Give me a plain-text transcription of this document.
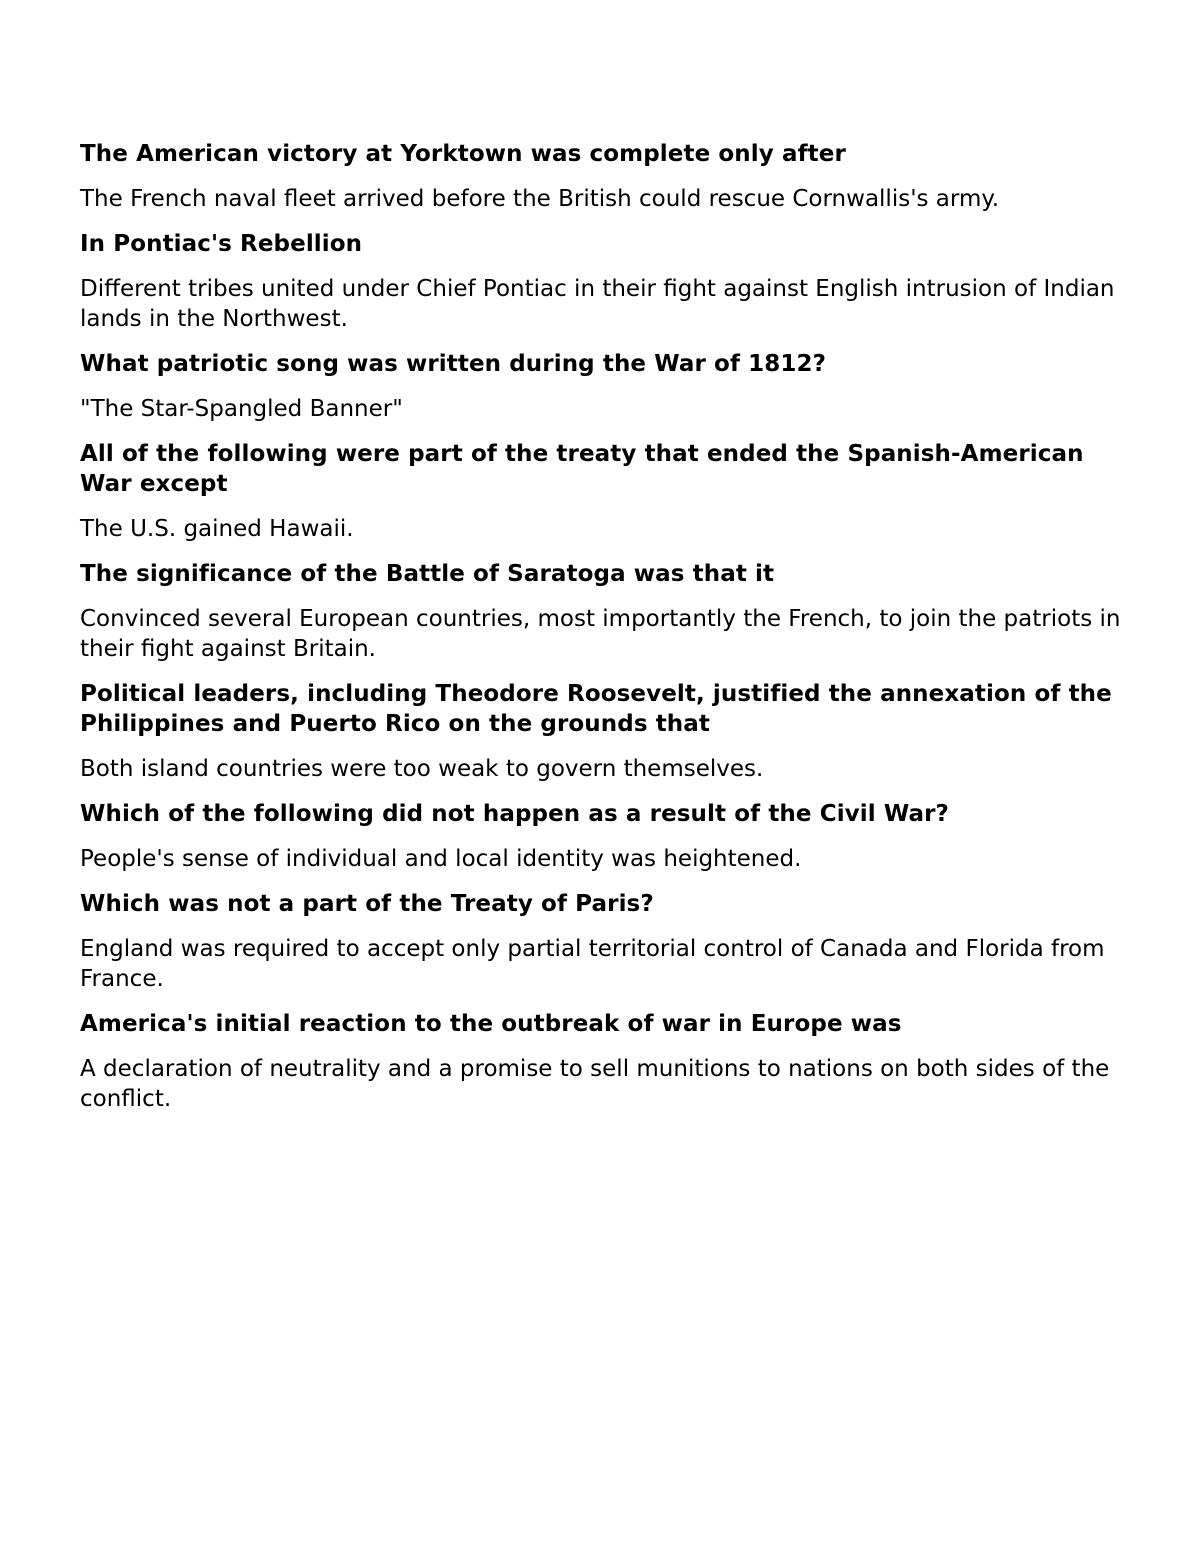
The American victory at Yorktown was complete only after

The French naval fleet arrived before the British could rescue Cornwallis's army.

In Pontiac's Rebellion

Different tribes united under Chief Pontiac in their fight against English intrusion of Indian lands in the Northwest.

What patriotic song was written during the War of 1812?

"The Star-Spangled Banner"

All of the following were part of the treaty that ended the Spanish-American War except

The U.S. gained Hawaii.

The significance of the Battle of Saratoga was that it

Convinced several European countries, most importantly the French, to join the patriots in their fight against Britain.

Political leaders, including Theodore Roosevelt, justified the annexation of the Philippines and Puerto Rico on the grounds that

Both island countries were too weak to govern themselves.

Which of the following did not happen as a result of the Civil War?

People's sense of individual and local identity was heightened.

Which was not a part of the Treaty of Paris?

England was required to accept only partial territorial control of Canada and Florida from France.

America's initial reaction to the outbreak of war in Europe was

A declaration of neutrality and a promise to sell munitions to nations on both sides of the conflict.
